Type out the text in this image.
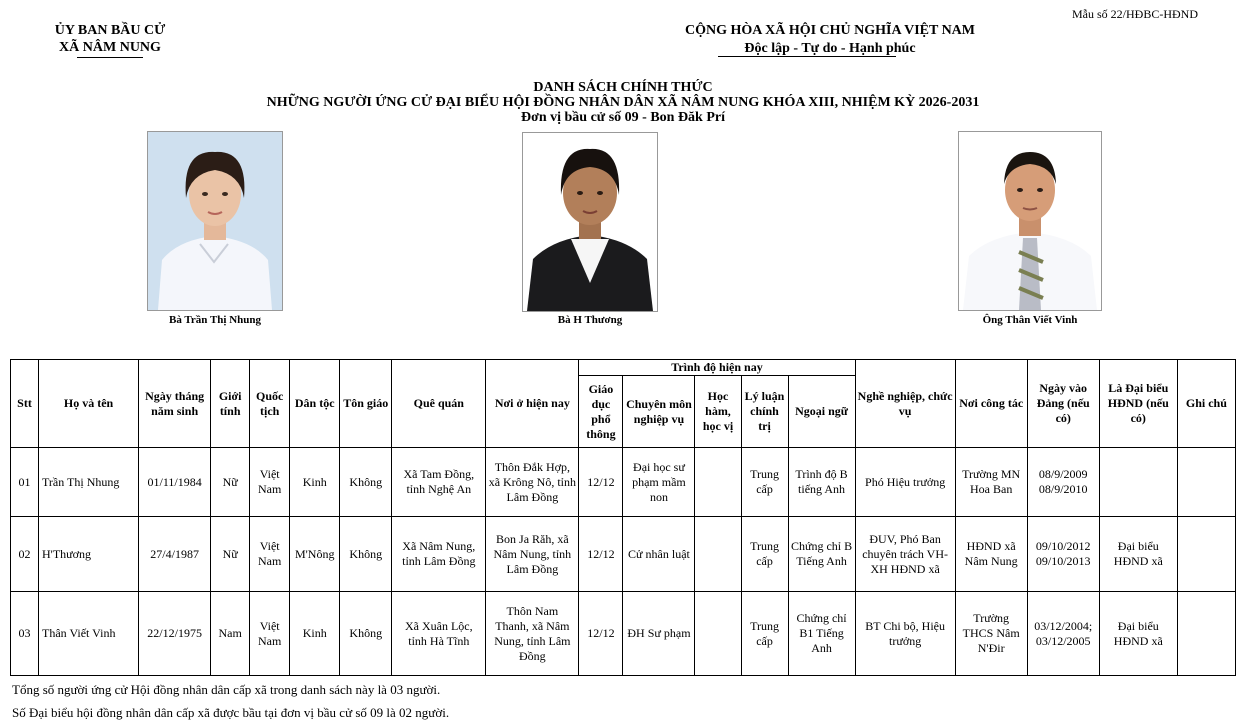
Mẫu số 22/HĐBC-HĐND
ỦY BAN BẦU CỬ
XÃ NÂM NUNG
CỘNG HÒA XÃ HỘI CHỦ NGHĨA VIỆT NAM
Độc lập - Tự do - Hạnh phúc
DANH SÁCH CHÍNH THỨC
NHỮNG NGƯỜI ỨNG CỬ ĐẠI BIỂU HỘI ĐỒNG NHÂN DÂN XÃ NÂM NUNG KHÓA XIII, NHIỆM KỲ 2026-2031
Đơn vị bầu cử số 09 - Bon Đăk Prí
Bà Trần Thị Nhung	Bà H Thương	Ông Thân Viết Vinh
Stt	Họ và tên	Ngày tháng năm sinh	Giới tính	Quốc tịch	Dân tộc	Tôn giáo	Quê quán	Nơi ở hiện nay	Trình độ hiện nay					Nghề nghiệp, chức vụ	Nơi công tác	Ngày vào Đảng (nếu có)	Là Đại biểu HĐND (nếu có)	Ghi chú
									Giáo dục phổ thông	Chuyên môn nghiệp vụ	Học hàm, học vị	Lý luận chính trị	Ngoại ngữ					
01	Trần Thị Nhung	01/11/1984	Nữ	Việt Nam	Kinh	Không	Xã Tam Đồng, tỉnh Nghệ An	Thôn Đắk Hợp, xã Krông Nô, tỉnh Lâm Đồng	12/12	Đại học sư phạm mầm non		Trung cấp	Trình độ B tiếng Anh	Phó Hiệu trưởng	Trường MN Hoa Ban	08/9/2009 08/9/2010		
02	H'Thương	27/4/1987	Nữ	Việt Nam	M'Nông	Không	Xã Nâm Nung, tỉnh Lâm Đồng	Bon Ja Răh, xã Nâm Nung, tỉnh Lâm Đồng	12/12	Cử nhân luật		Trung cấp	Chứng chỉ B Tiếng Anh	ĐUV, Phó Ban chuyên trách VH-XH HĐND xã	HĐND xã Nâm Nung	09/10/2012 09/10/2013	Đại biểu HĐND xã	
03	Thân Viết Vinh	22/12/1975	Nam	Việt Nam	Kinh	Không	Xã Xuân Lộc, tỉnh Hà Tĩnh	Thôn Nam Thanh, xã Nâm Nung, tỉnh Lâm Đồng	12/12	ĐH Sư phạm		Trung cấp	Chứng chỉ B1 Tiếng Anh	BT Chi bộ, Hiệu trưởng	Trường THCS Nâm N'Đir	03/12/2004; 03/12/2005	Đại biểu HĐND xã	
Tổng số người ứng cử Hội đồng nhân dân cấp xã trong danh sách này là 03 người.
Số Đại biểu hội đồng nhân dân cấp xã được bầu tại đơn vị bầu cử số 09 là 02 người.
